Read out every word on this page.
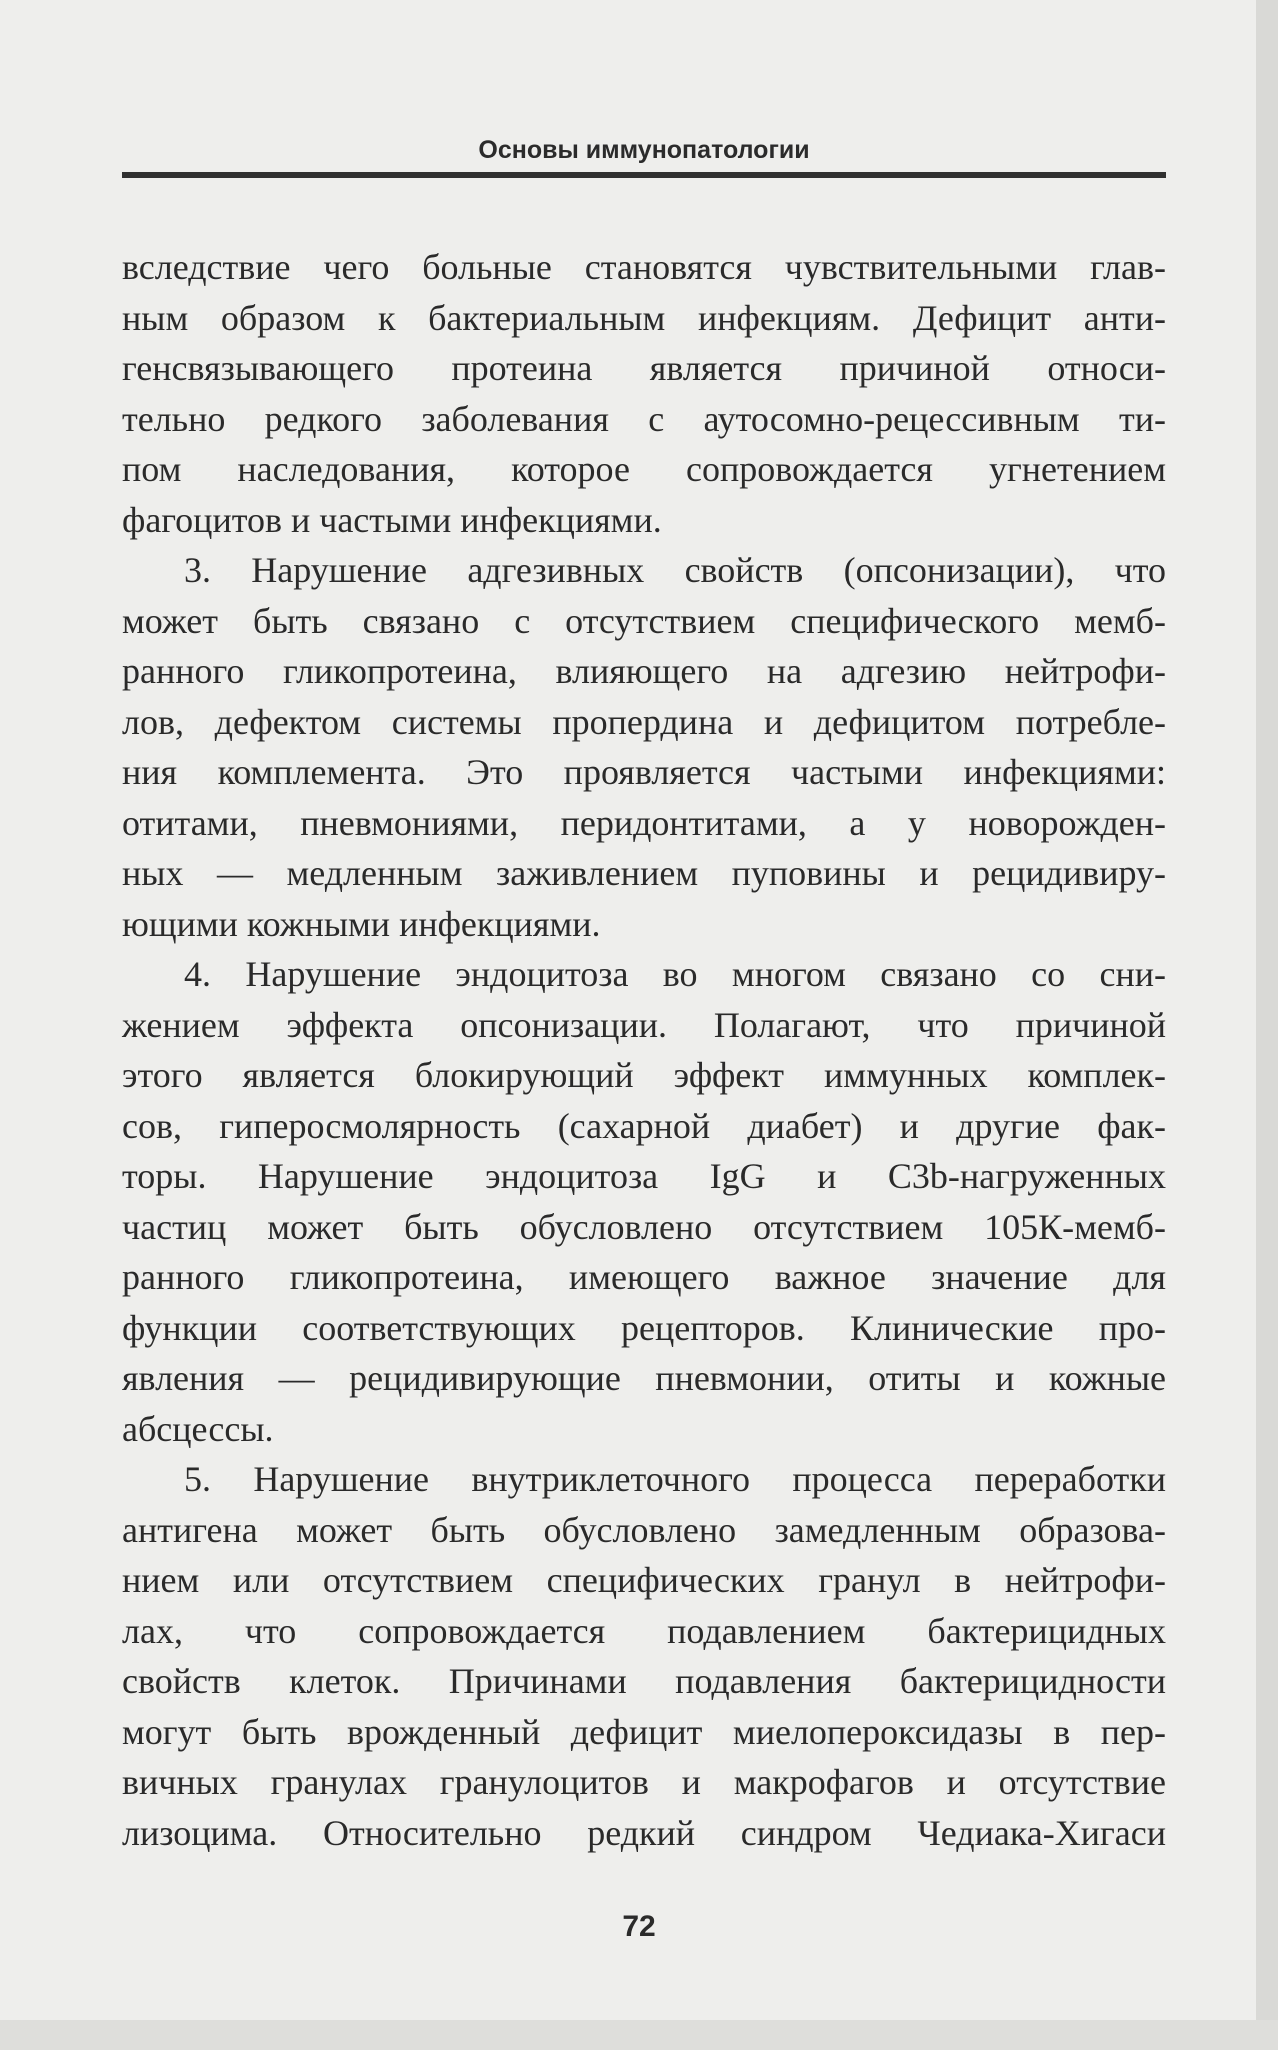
Основы иммунопатологии
вследствие чего больные становятся чувствительными глав-
ным образом к бактериальным инфекциям. Дефицит анти-
генсвязывающего протеина является причиной относи-
тельно редкого заболевания с аутосомно-рецессивным ти-
пом наследования, которое сопровождается угнетением
фагоцитов и частыми инфекциями.
3. Нарушение адгезивных свойств (опсонизации), что
может быть связано с отсутствием специфического мемб-
ранного гликопротеина, влияющего на адгезию нейтрофи-
лов, дефектом системы пропердина и дефицитом потребле-
ния комплемента. Это проявляется частыми инфекциями:
отитами, пневмониями, перидонтитами, а у новорожден-
ных — медленным заживлением пуповины и рецидивиру-
ющими кожными инфекциями.
4. Нарушение эндоцитоза во многом связано со сни-
жением эффекта опсонизации. Полагают, что причиной
этого является блокирующий эффект иммунных комплек-
сов, гиперосмолярность (сахарной диабет) и другие фак-
торы. Нарушение эндоцитоза IgG и C3b-нагруженных
частиц может быть обусловлено отсутствием 105К-мемб-
ранного гликопротеина, имеющего важное значение для
функции соответствующих рецепторов. Клинические про-
явления — рецидивирующие пневмонии, отиты и кожные
абсцессы.
5. Нарушение внутриклеточного процесса переработки
антигена может быть обусловлено замедленным образова-
нием или отсутствием специфических гранул в нейтрофи-
лах, что сопровождается подавлением бактерицидных
свойств клеток. Причинами подавления бактерицидности
могут быть врожденный дефицит миелопероксидазы в пер-
вичных гранулах гранулоцитов и макрофагов и отсутствие
лизоцима. Относительно редкий синдром Чедиака-Хигаси
72
